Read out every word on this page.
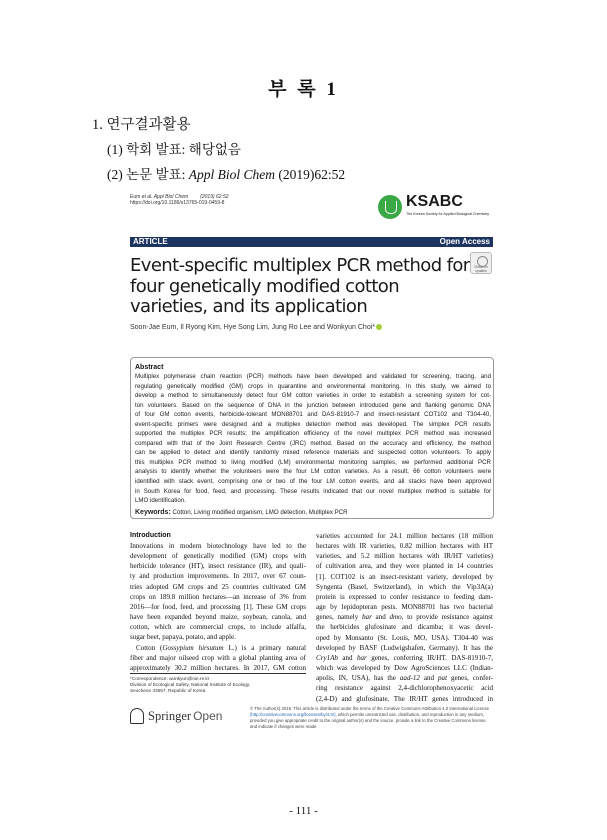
부 록 1
1. 연구결과활용
(1) 학회 발표: 해당없음
(2) 논문 발표: Appl Biol Chem (2019)62:52
Eum et al. Appl Biol Chem (2019) 62:52
https://doi.org/10.1186/s13765-019-0459-8	KSABC
The Korean Society for Applied Biological Chemistry
ARTICLE	Open Access
Event-specific multiplex PCR method for four genetically modified cotton varieties, and its application
Check for updates
Soon-Jae Eum, Il Ryong Kim, Hye Song Lim, Jung Ro Lee and Wonkyun Choi*
Abstract
Multiplex polymerase chain reaction (PCR) methods have been developed and validated for screening, tracing, and
regulating genetically modified (GM) crops in quarantine and environmental monitoring. In this study, we aimed to
develop a method to simultaneously detect four GM cotton varieties in order to establish a screening system for cot-
ton volunteers. Based on the sequence of DNA in the junction between introduced gene and flanking genomic DNA
of four GM cotton events, herbicide-tolerant MON88701 and DAS-81910-7 and insect-resistant COT102 and T304-40,
event-specific primers were designed and a multiplex detection method was developed. The simplex PCR results
supported the multiplex PCR results; the amplification efficiency of the novel multiplex PCR method was increased
compared with that of the Joint Research Centre (JRC) method. Based on the accuracy and efficiency, the method
can be applied to detect and identify randomly mixed reference materials and suspected cotton volunteers. To apply
this multiplex PCR method to living modified (LM) environmental monitoring samples, we performed additional PCR
analysis to identify whether the volunteers were the four LM cotton varieties. As a result, 66 cotton volunteers were
identified with stack event, comprising one or two of the four LM cotton events, and all stacks have been approved
in South Korea for food, feed, and processing. These results indicated that our novel multiplex method is suitable for
LMO identification.
Keywords: Cotton, Living modified organism, LMO detection, Multiplex PCR
Introduction
Innovations in modern biotechnology have led to the
development of genetically modified (GM) crops with
herbicide tolerance (HT), insect resistance (IR), and quali-
ty and production improvements. In 2017, over 67 coun-
tries adopted GM crops and 25 countries cultivated GM
crops on 189.8 million hectares—an increase of 3% from
2016—for food, feed, and processing [1]. These GM crops
have been expanded beyond maize, soybean, canola, and
cotton, which are commercial crops, to include alfalfa,
sugar beet, papaya, potato, and apple.
Cotton (Gossypium hirsutum L.) is a primary natural
fiber and major oilseed crop with a global planting area of
approximately 30.2 million hectares. In 2017, GM cotton
varieties accounted for 24.1 million hectares (18 million
hectares with IR varieties, 0.82 million hectares with HT
varieties, and 5.2 million hectares with IR/HT varieties)
of cultivation area, and they were planted in 14 countries
[1]. COT102 is an insect-resistant variety, developed by
Syngenta (Basel, Switzerland), in which the Vip3A(a)
protein is expressed to confer resistance to feeding dam-
age by lepidopteran pests. MON88701 has two bacterial
genes, namely bar and dmo, to provide resistance against
the herbicides glufosinate and dicamba; it was devel-
oped by Monsanto (St. Louis, MO, USA). T304-40 was
developed by BASF (Ludwigshafen, Germany). It has the
Cry1Ab and bar genes, conferring IR/HT. DAS-81910-7,
which was developed by Dow AgroSciences LLC (Indian-
apolis, IN, USA), has the aad-12 and pat genes, confer-
ring resistance against 2,4-dichlorophenoxyacetic acid
(2,4-D) and glufosinate. The IR/HT genes introduced in
*Correspondence: wonkyun@nie.re.kr
Division of Ecological Safety, National Institute of Ecology,
Seocheon 33657, Republic of Korea
Springer Open
© The Author(s) 2019. This article is distributed under the terms of the Creative Commons Attribution 4.0 International License
(http://creativecommons.org/licenses/by/4.0/), which permits unrestricted use, distribution, and reproduction in any medium,
provided you give appropriate credit to the original author(s) and the source, provide a link to the Creative Commons license,
and indicate if changes were made.
- 111 -
